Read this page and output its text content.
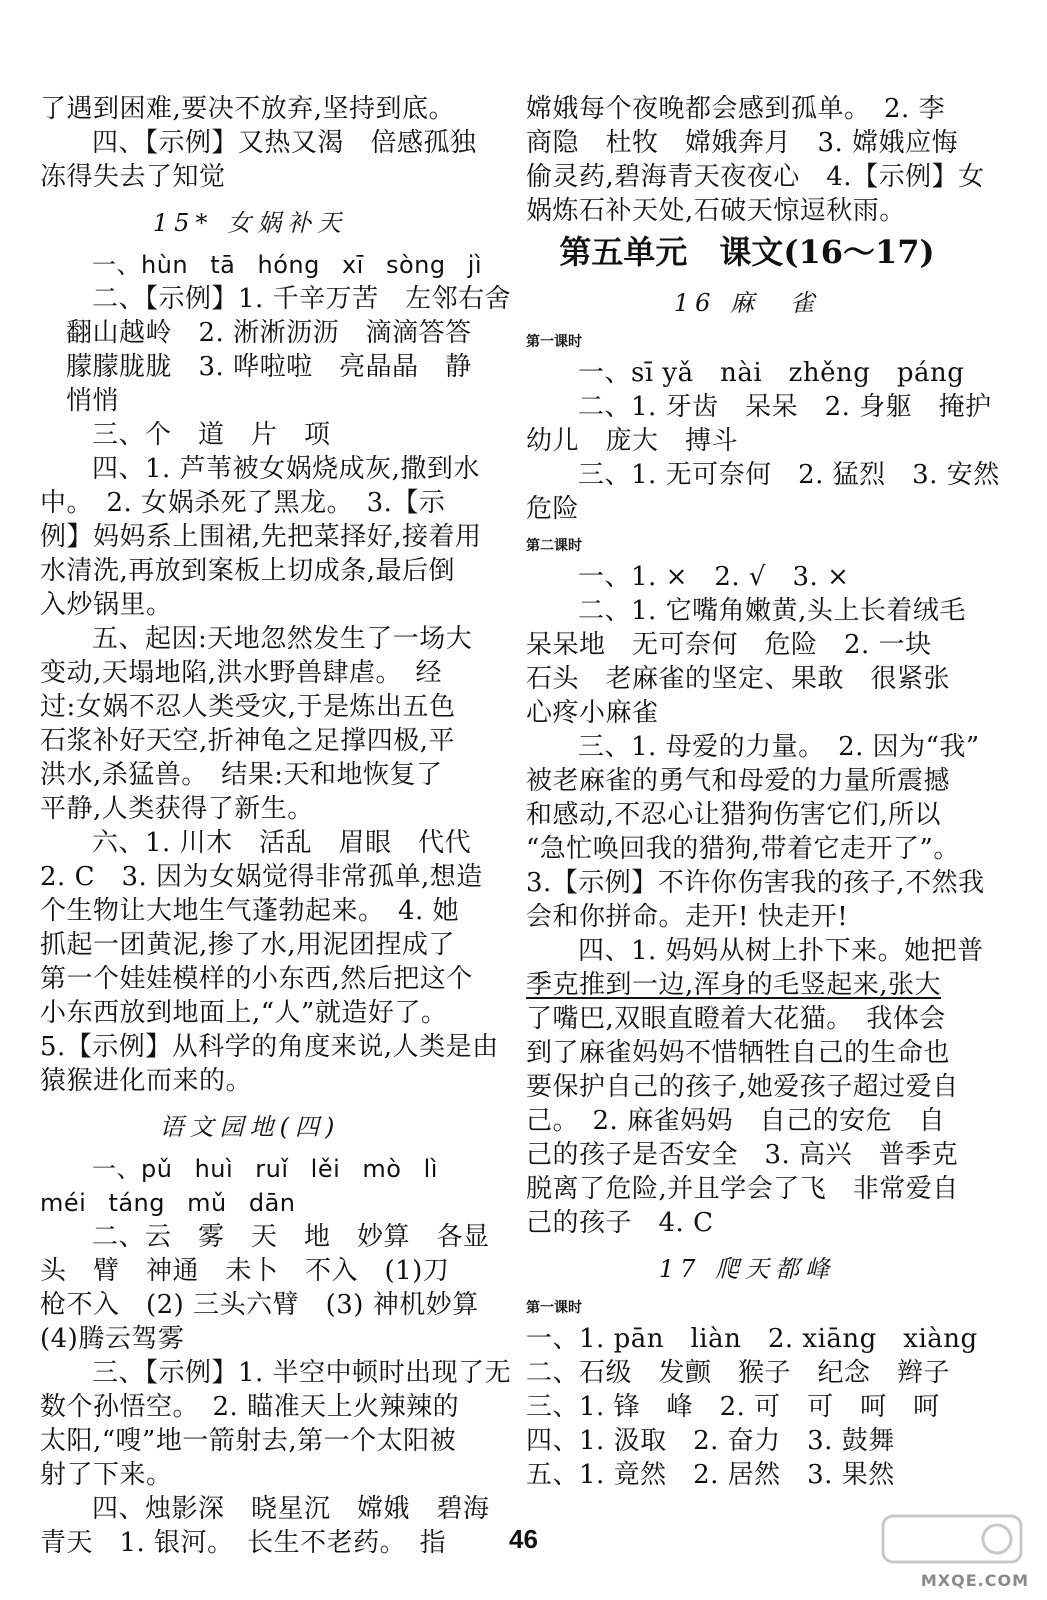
了遇到困难,要决不放弃,坚持到底。
四、【示例】又热又渴　倍感孤独
冻得失去了知觉
15* 女娲补天
一、hùn tā hóng xī sòng jì
二、【示例】1. 千辛万苦　左邻右舍
翻山越岭　2. 淅淅沥沥　滴滴答答
朦朦胧胧　3. 哗啦啦　亮晶晶　静
悄悄
三、个　道　片　项
四、1. 芦苇被女娲烧成灰,撒到水
中。　2. 女娲杀死了黑龙。　3.【示
例】妈妈系上围裙,先把菜择好,接着用
水清洗,再放到案板上切成条,最后倒
入炒锅里。
五、起因:天地忽然发生了一场大
变动,天塌地陷,洪水野兽肆虐。　经
过:女娲不忍人类受灾,于是炼出五色
石浆补好天空,折神龟之足撑四极,平
洪水,杀猛兽。　结果:天和地恢复了
平静,人类获得了新生。
六、1. 川木　活乱　眉眼　代代
2. C　3. 因为女娲觉得非常孤单,想造
个生物让大地生气蓬勃起来。　4. 她
抓起一团黄泥,掺了水,用泥团捏成了
第一个娃娃模样的小东西,然后把这个
小东西放到地面上,“人”就造好了。
5.【示例】从科学的角度来说,人类是由
猿猴进化而来的。
语文园地(四)
一、pǔ huì ruǐ lěi mò lì
méi táng mǔ dān
二、云　雾　天　地　妙算　各显
头　臂　神通　未卜　不入　(1)刀
枪不入　(2) 三头六臂　(3) 神机妙算
(4)腾云驾雾
三、【示例】1. 半空中顿时出现了无
数个孙悟空。　2. 瞄准天上火辣辣的
太阳,“嗖”地一箭射去,第一个太阳被
射了下来。
四、烛影深　晓星沉　嫦娥　碧海
青天　1. 银河。　长生不老药。　指
嫦娥每个夜晚都会感到孤单。　2. 李
商隐　杜牧　嫦娥奔月　3. 嫦娥应悔
偷灵药,碧海青天夜夜心　4.【示例】女
娲炼石补天处,石破天惊逗秋雨。
第五单元　课文(16～17)
16 麻　雀
第一课时
一、sī yǎ　nài　zhěng　páng
二、1. 牙齿　呆呆　2. 身躯　掩护
幼儿　庞大　搏斗
三、1. 无可奈何　2. 猛烈　3. 安然
危险
第二课时
一、1. ×　2. √　3. ×
二、1. 它嘴角嫩黄,头上长着绒毛
呆呆地　无可奈何　危险　2. 一块
石头　老麻雀的坚定、果敢　很紧张
心疼小麻雀
三、1. 母爱的力量。　2. 因为“我”
被老麻雀的勇气和母爱的力量所震撼
和感动,不忍心让猎狗伤害它们,所以
“急忙唤回我的猎狗,带着它走开了”。
3.【示例】不许你伤害我的孩子,不然我
会和你拼命。走开! 快走开!
四、1. 妈妈从树上扑下来。她把普
季克推到一边,浑身的毛竖起来,张大
了嘴巴,双眼直瞪着大花猫。　我体会
到了麻雀妈妈不惜牺牲自己的生命也
要保护自己的孩子,她爱孩子超过爱自
己。　2. 麻雀妈妈　自己的安危　自
己的孩子是否安全　3. 高兴　普季克
脱离了危险,并且学会了飞　非常爱自
己的孩子　4. C
17 爬天都峰
第一课时
一、1. pān　liàn　2. xiāng　xiàng
二、石级　发颤　猴子　纪念　辫子
三、1. 锋　峰　2. 可　可　呵　呵
四、1. 汲取　2. 奋力　3. 鼓舞
五、1. 竟然　2. 居然　3. 果然
46
MXQE.COM
